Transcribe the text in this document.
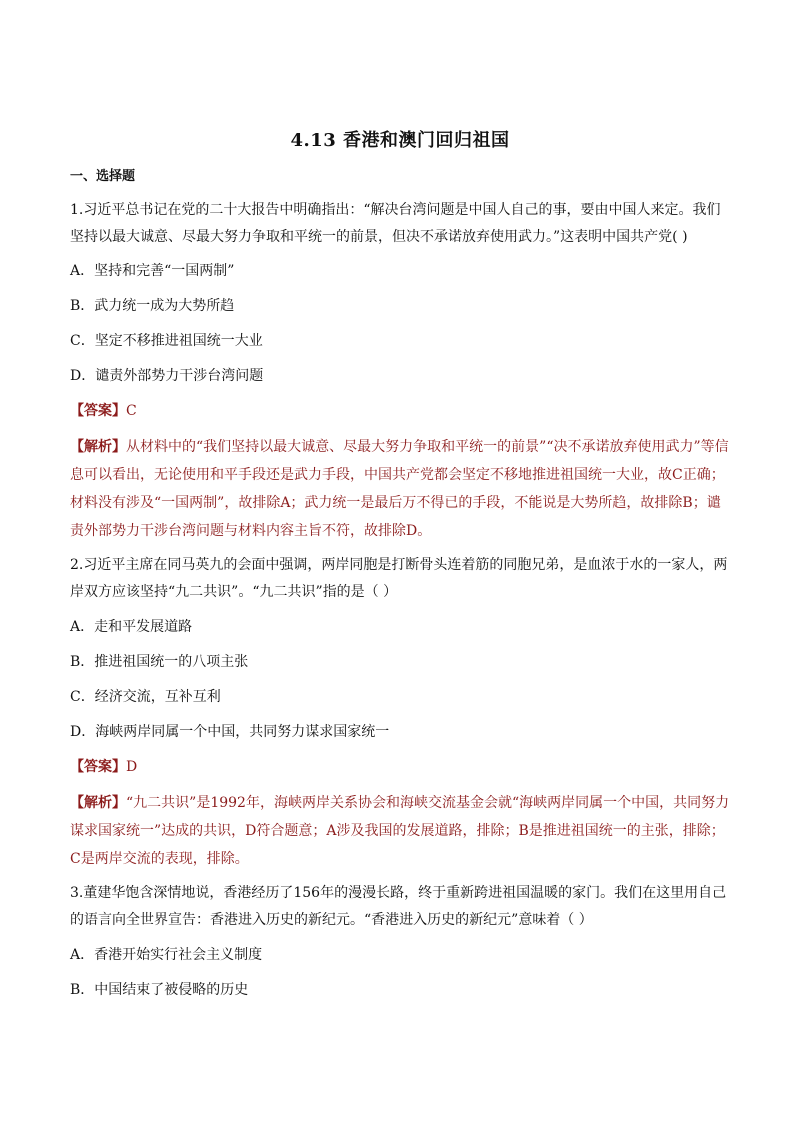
4.13 香港和澳门回归祖国
一、选择题
1.习近平总书记在党的二十大报告中明确指出：“解决台湾问题是中国人自己的事，要由中国人来定。我们坚持以最大诚意、尽最大努力争取和平统一的前景，但决不承诺放弃使用武力。”这表明中国共产党( )
A．坚持和完善“一国两制”
B．武力统一成为大势所趋
C．坚定不移推进祖国统一大业
D．谴责外部势力干涉台湾问题
【答案】C
【解析】从材料中的“我们坚持以最大诚意、尽最大努力争取和平统一的前景”“决不承诺放弃使用武力”等信息可以看出，无论使用和平手段还是武力手段，中国共产党都会坚定不移地推进祖国统一大业，故C正确；材料没有涉及“一国两制”，故排除A；武力统一是最后万不得已的手段，不能说是大势所趋，故排除B；谴责外部势力干涉台湾问题与材料内容主旨不符，故排除D。
2.习近平主席在同马英九的会面中强调，两岸同胞是打断骨头连着筋的同胞兄弟，是血浓于水的一家人，两岸双方应该坚持“九二共识”。“九二共识”指的是（ ）
A．走和平发展道路
B．推进祖国统一的八项主张
C．经济交流，互补互利
D．海峡两岸同属一个中国，共同努力谋求国家统一
【答案】D
【解析】“九二共识”是1992年，海峡两岸关系协会和海峡交流基金会就“海峡两岸同属一个中国，共同努力谋求国家统一”达成的共识，D符合题意；A涉及我国的发展道路，排除；B是推进祖国统一的主张，排除；C是两岸交流的表现，排除。
3.董建华饱含深情地说，香港经历了156年的漫漫长路，终于重新跨进祖国温暖的家门。我们在这里用自己的语言向全世界宣告：香港进入历史的新纪元。“香港进入历史的新纪元”意味着（ ）
A．香港开始实行社会主义制度
B．中国结束了被侵略的历史
